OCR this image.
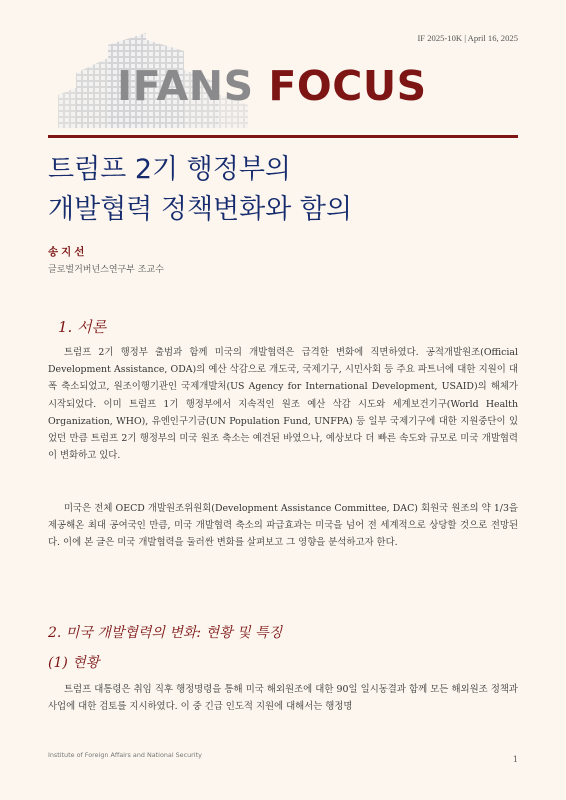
IF 2025-10K | April 16, 2025
IFANS FOCUS
트럼프 2기 행정부의
개발협력 정책변화와 함의
송지선
글로벌거버넌스연구부 조교수
1. 서론

트럼프 2기 행정부 출범과 함께 미국의 개발협력은 급격한 변화에 직면하였다. 공적개발원조(Official Development Assistance, ODA)의 예산 삭감으로 개도국, 국제기구, 시민사회 등 주요 파트너에 대한 지원이 대폭 축소되었고, 원조이행기관인 국제개발처(US Agency for International Development, USAID)의 해체가 시작되었다. 이미 트럼프 1기 행정부에서 지속적인 원조 예산 삭감 시도와 세계보건기구(World Health Organization, WHO), 유엔인구기금(UN Population Fund, UNFPA) 등 일부 국제기구에 대한 지원중단이 있었던 만큼 트럼프 2기 행정부의 미국 원조 축소는 예견된 바였으나, 예상보다 더 빠른 속도와 규모로 미국 개발협력이 변화하고 있다.

미국은 전체 OECD 개발원조위원회(Development Assistance Committee, DAC) 회원국 원조의 약 1/3을 제공해온 최대 공여국인 만큼, 미국 개발협력 축소의 파급효과는 미국을 넘어 전 세계적으로 상당할 것으로 전망된다. 이에 본 글은 미국 개발협력을 둘러싼 변화를 살펴보고 그 영향을 분석하고자 한다.

2. 미국 개발협력의 변화: 현황 및 특징
(1) 현황

트럼프 대통령은 취임 직후 행정명령을 통해 미국 해외원조에 대한 90일 일시동결과 함께 모든 해외원조 정책과 사업에 대한 검토를 지시하였다. 이 중 긴급 인도적 지원에 대해서는 행정명

Institute of Foreign Affairs and National Security	1
